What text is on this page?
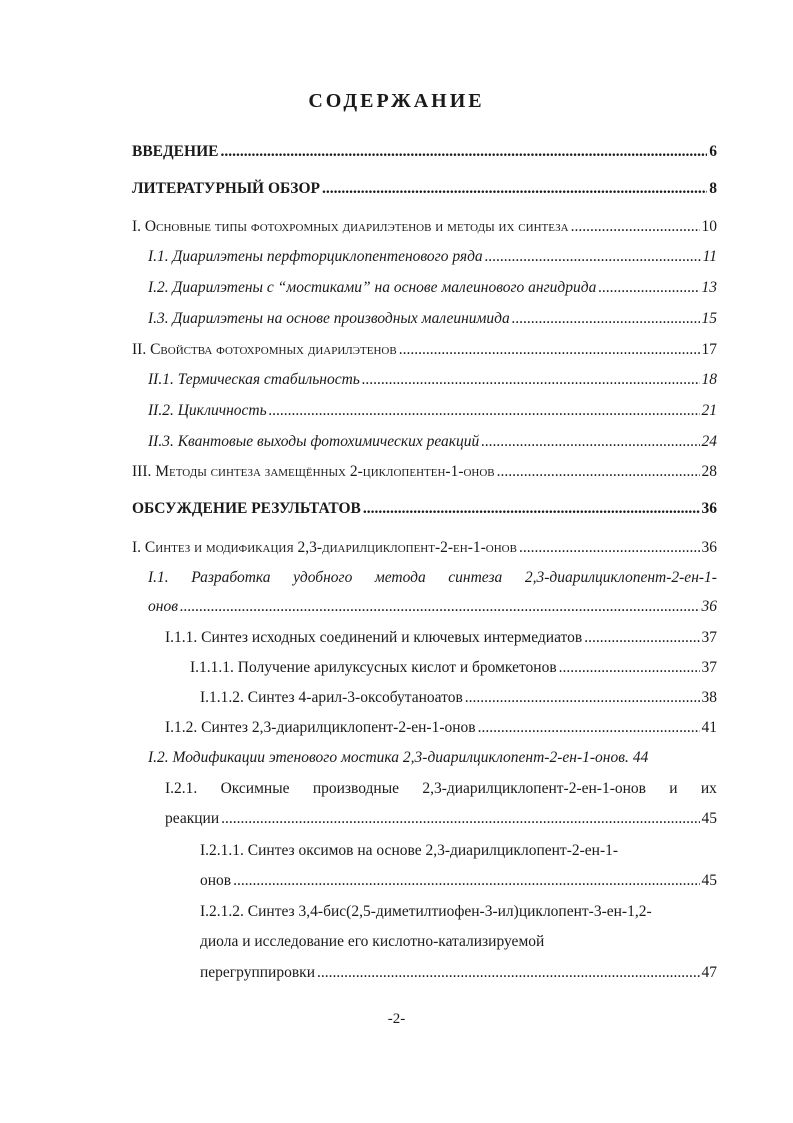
СОДЕРЖАНИЕ
ВВЕДЕНИЕ .....	6
ЛИТЕРАТУРНЫЙ ОБЗОР .....	8
I. Основные типы фотохромных диарилэтенов и методы их синтеза .....	10
I.1. Диарилэтены перфторциклопентенового ряда .....	11
I.2. Диарилэтены с “мостиками” на основе малеинового ангидрида .....	13
I.3. Диарилэтены на основе производных малеинимида .....	15
II. Свойства фотохромных диарилэтенов .....	17
II.1. Термическая стабильность .....	18
II.2. Цикличность .....	21
II.3. Квантовые выходы фотохимических реакций .....	24
III. Методы синтеза замещённых 2-циклопентен-1-онов .....	28
ОБСУЖДЕНИЕ РЕЗУЛЬТАТОВ .....	36
I. Синтез и модификация 2,3-диарилциклопент-2-ен-1-онов .....	36
I.1. Разработка удобного метода синтеза 2,3-диарилциклопент-2-ен-1-
онов .....	36
I.1.1. Синтез исходных соединений и ключевых интермедиатов .....	37
I.1.1.1. Получение арилуксусных кислот и бромкетонов .....	37
I.1.1.2. Синтез 4-арил-3-оксобутаноатов .....	38
I.1.2. Синтез 2,3-диарилциклопент-2-ен-1-онов .....	41
I.2. Модификации этенового мостика 2,3-диарилциклопент-2-ен-1-онов. 44
I.2.1. Оксимные производные 2,3-диарилциклопент-2-ен-1-онов и их
реакции .....	45
I.2.1.1. Синтез оксимов на основе 2,3-диарилциклопент-2-ен-1-
онов .....	45
I.2.1.2. Синтез 3,4-бис(2,5-диметилтиофен-3-ил)циклопент-3-ен-1,2-
диола и исследование его кислотно-катализируемой
перегруппировки .....	47
-2-
